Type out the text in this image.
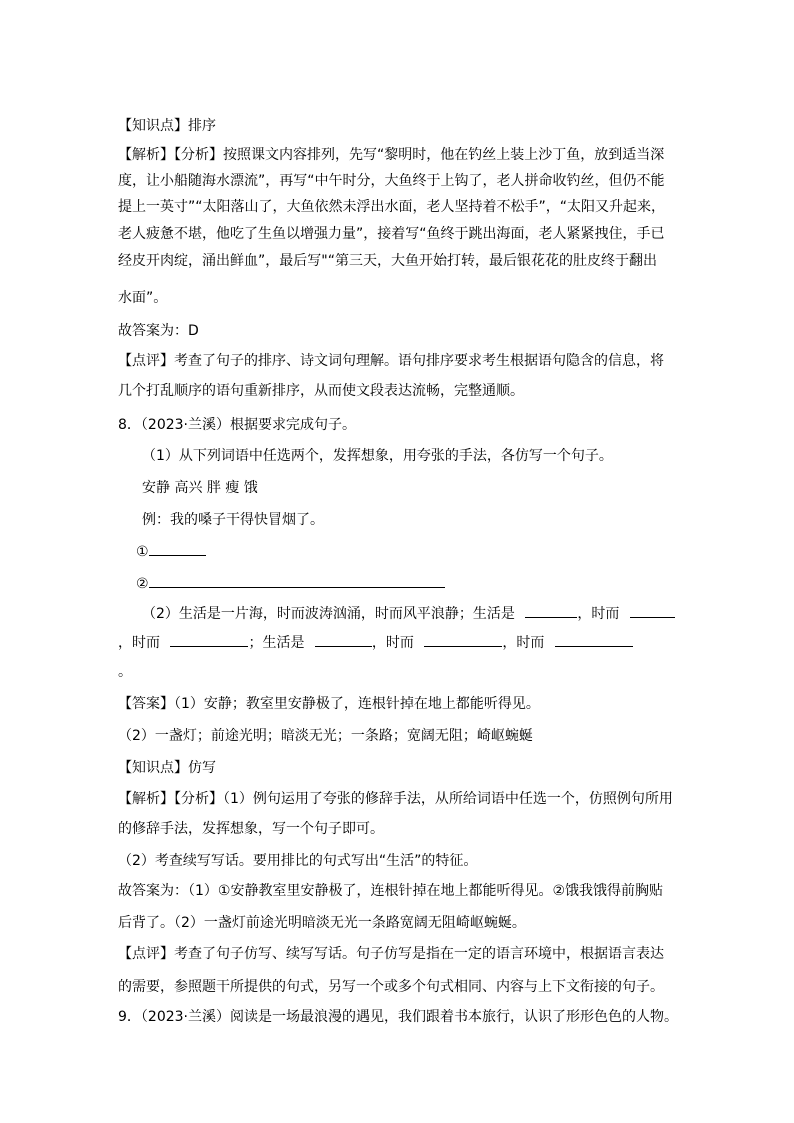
【知识点】排序
【解析】【分析】按照课文内容排列，先写“黎明时，他在钓丝上装上沙丁鱼，放到适当深
度，让小船随海水漂流”，再写“中午时分，大鱼终于上钩了，老人拼命收钓丝，但仍不能
提上一英寸”“太阳落山了，大鱼依然未浮出水面，老人坚持着不松手”，“太阳又升起来，
老人疲惫不堪，他吃了生鱼以增强力量”，接着写“鱼终于跳出海面，老人紧紧拽住，手已
经皮开肉绽，涌出鲜血”，最后写"“第三天，大鱼开始打转，最后银花花的肚皮终于翻出
水面”。
故答案为：D
【点评】考查了句子的排序、诗文词句理解。语句排序要求考生根据语句隐含的信息，将
几个打乱顺序的语句重新排序，从而使文段表达流畅，完整通顺。
8．（2023·兰溪）根据要求完成句子。
（1）从下列词语中任选两个，发挥想象，用夸张的手法，各仿写一个句子。
安静 高兴 胖 瘦 饿
例：我的嗓子干得快冒烟了。
①
②
（2）生活是一片海，时而波涛汹涌，时而风平浪静；生活是	，时而
，时而	；生活是	，时而	，时而
。
【答案】（1）安静；教室里安静极了，连根针掉在地上都能听得见。
（2）一盏灯；前途光明；暗淡无光；一条路；宽阔无阻；崎岖蜿蜒
【知识点】仿写
【解析】【分析】（1）例句运用了夸张的修辞手法，从所给词语中任选一个，仿照例句所用
的修辞手法，发挥想象，写一个句子即可。
（2）考查续写写话。要用排比的句式写出“生活”的特征。
故答案为：（1）①安静教室里安静极了，连根针掉在地上都能听得见。②饿我饿得前胸贴
后背了。（2）一盏灯前途光明暗淡无光一条路宽阔无阻崎岖蜿蜒。
【点评】考查了句子仿写、续写写话。句子仿写是指在一定的语言环境中，根据语言表达
的需要，参照题干所提供的句式，另写一个或多个句式相同、内容与上下文衔接的句子。
9．（2023·兰溪）阅读是一场最浪漫的遇见，我们跟着书本旅行，认识了形形色色的人物。
